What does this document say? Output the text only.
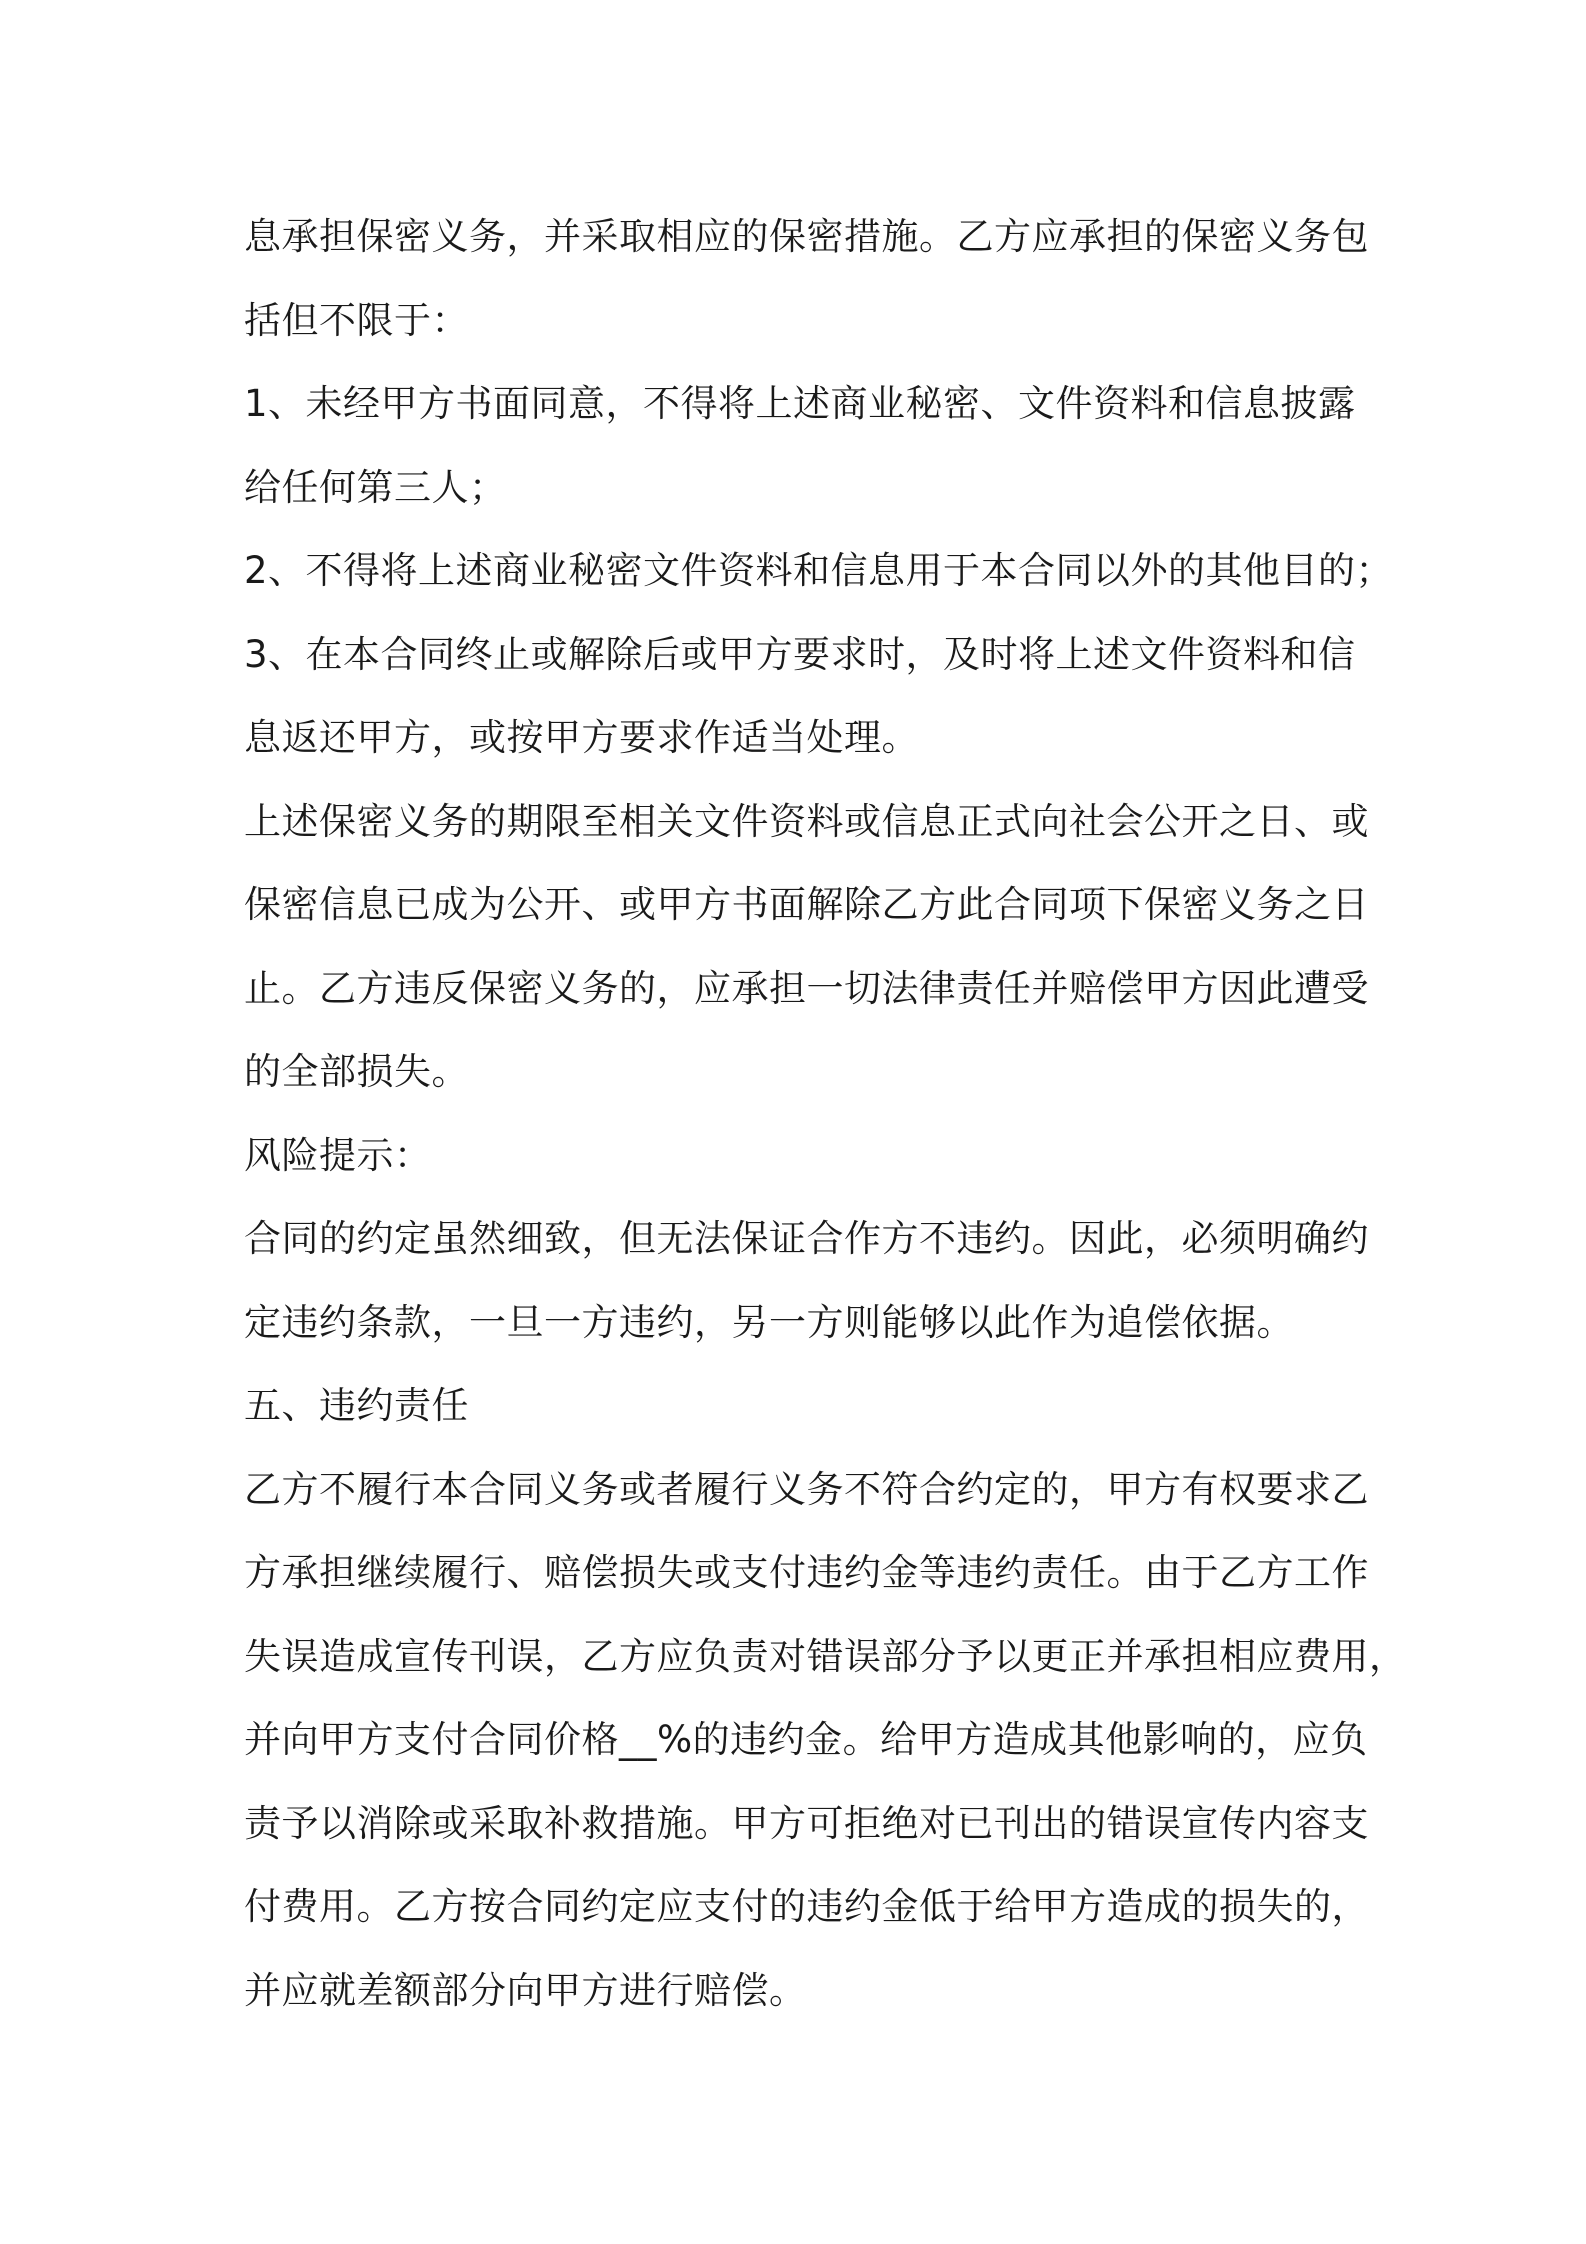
息承担保密义务，并采取相应的保密措施。乙方应承担的保密义务包
括但不限于：
1、未经甲方书面同意，不得将上述商业秘密、文件资料和信息披露
给任何第三人；
2、不得将上述商业秘密文件资料和信息用于本合同以外的其他目的；
3、在本合同终止或解除后或甲方要求时，及时将上述文件资料和信
息返还甲方，或按甲方要求作适当处理。
上述保密义务的期限至相关文件资料或信息正式向社会公开之日、或
保密信息已成为公开、或甲方书面解除乙方此合同项下保密义务之日
止。乙方违反保密义务的，应承担一切法律责任并赔偿甲方因此遭受
的全部损失。
风险提示：
合同的约定虽然细致，但无法保证合作方不违约。因此，必须明确约
定违约条款，一旦一方违约，另一方则能够以此作为追偿依据。
五、违约责任
乙方不履行本合同义务或者履行义务不符合约定的，甲方有权要求乙
方承担继续履行、赔偿损失或支付违约金等违约责任。由于乙方工作
失误造成宣传刊误，乙方应负责对错误部分予以更正并承担相应费用，
并向甲方支付合同价格__%的违约金。给甲方造成其他影响的，应负
责予以消除或采取补救措施。甲方可拒绝对已刊出的错误宣传内容支
付费用。乙方按合同约定应支付的违约金低于给甲方造成的损失的，
并应就差额部分向甲方进行赔偿。
